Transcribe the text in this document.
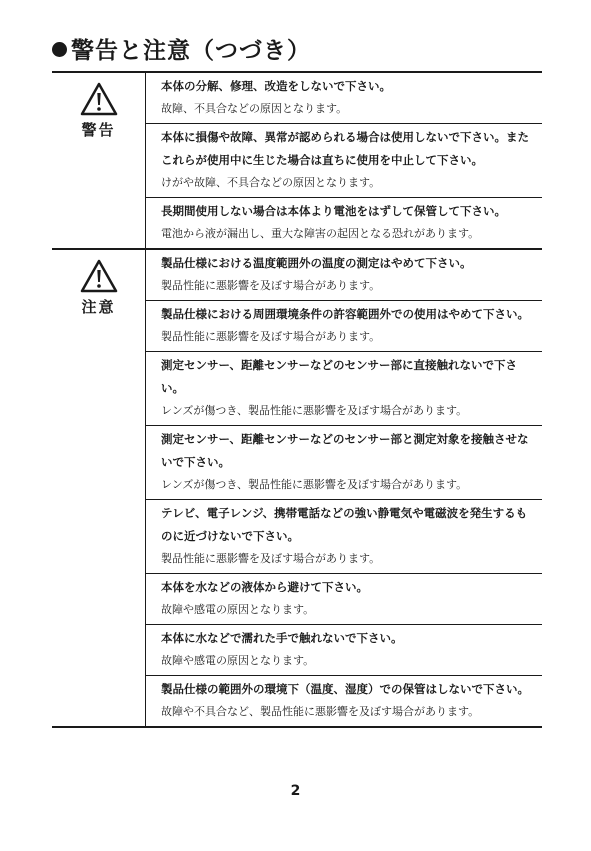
警告と注意（つづき）
警告
本体の分解、修理、改造をしないで下さい。
故障、不具合などの原因となります。
本体に損傷や故障、異常が認められる場合は使用しないで下さい。またこれらが使用中に生じた場合は直ちに使用を中止して下さい。
けがや故障、不具合などの原因となります。
長期間使用しない場合は本体より電池をはずして保管して下さい。
電池から液が漏出し、重大な障害の起因となる恐れがあります。
注意
製品仕様における温度範囲外の温度の測定はやめて下さい。
製品性能に悪影響を及ぼす場合があります。
製品仕様における周囲環境条件の許容範囲外での使用はやめて下さい。
製品性能に悪影響を及ぼす場合があります。
測定センサー、距離センサーなどのセンサー部に直接触れないで下さい。
レンズが傷つき、製品性能に悪影響を及ぼす場合があります。
測定センサー、距離センサーなどのセンサー部と測定対象を接触させないで下さい。
レンズが傷つき、製品性能に悪影響を及ぼす場合があります。
テレビ、電子レンジ、携帯電話などの強い静電気や電磁波を発生するものに近づけないで下さい。
製品性能に悪影響を及ぼす場合があります。
本体を水などの液体から避けて下さい。
故障や感電の原因となります。
本体に水などで濡れた手で触れないで下さい。
故障や感電の原因となります。
製品仕様の範囲外の環境下（温度、湿度）での保管はしないで下さい。
故障や不具合など、製品性能に悪影響を及ぼす場合があります。
2
